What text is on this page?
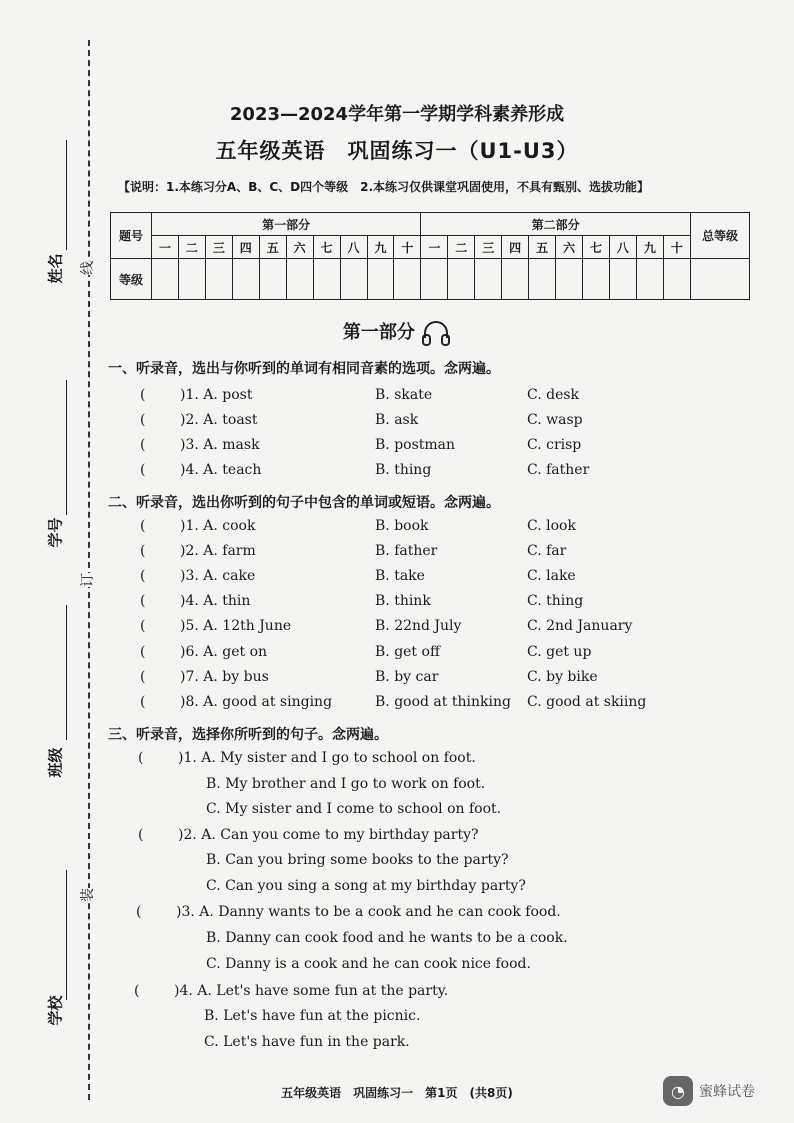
线
订
装
姓名
学号
班级
学校
2023—2024学年第一学期学科素养形成
五年级英语　巩固练习一（U1-U3）
【说明：1.本练习分A、B、C、D四个等级　2.本练习仅供课堂巩固使用，不具有甄别、选拔功能】
题号	第一部分										第二部分										总等级
	一	二	三	四	五	六	七	八	九	十	一	二	三	四	五	六	七	八	九	十	
等级																					
第一部分
一、听录音，选出与你听到的单词有相同音素的选项。念两遍。
( )1. A. post	B. skate	C. desk
( )2. A. toast	B. ask	C. wasp
( )3. A. mask	B. postman	C. crisp
( )4. A. teach	B. thing	C. father
二、听录音，选出你听到的句子中包含的单词或短语。念两遍。
( )1. A. cook	B. book	C. look
( )2. A. farm	B. father	C. far
( )3. A. cake	B. take	C. lake
( )4. A. thin	B. think	C. thing
( )5. A. 12th June	B. 22nd July	C. 2nd January
( )6. A. get on	B. get off	C. get up
( )7. A. by bus	B. by car	C. by bike
( )8. A. good at singing	B. good at thinking C. good at skiing
三、听录音，选择你所听到的句子。念两遍。
( )1. A. My sister and I go to school on foot.
B. My brother and I go to work on foot.
C. My sister and I come to school on foot.
( )2. A. Can you come to my birthday party?
B. Can you bring some books to the party?
C. Can you sing a song at my birthday party?
( )3. A. Danny wants to be a cook and he can cook food.
B. Danny can cook food and he wants to be a cook.
C. Danny is a cook and he can cook nice food.
( )4. A. Let's have some fun at the party.
B. Let's have fun at the picnic.
C. Let's have fun in the park.
五年级英语　巩固练习一　第1页　(共8页)	◔	蜜蜂试卷
